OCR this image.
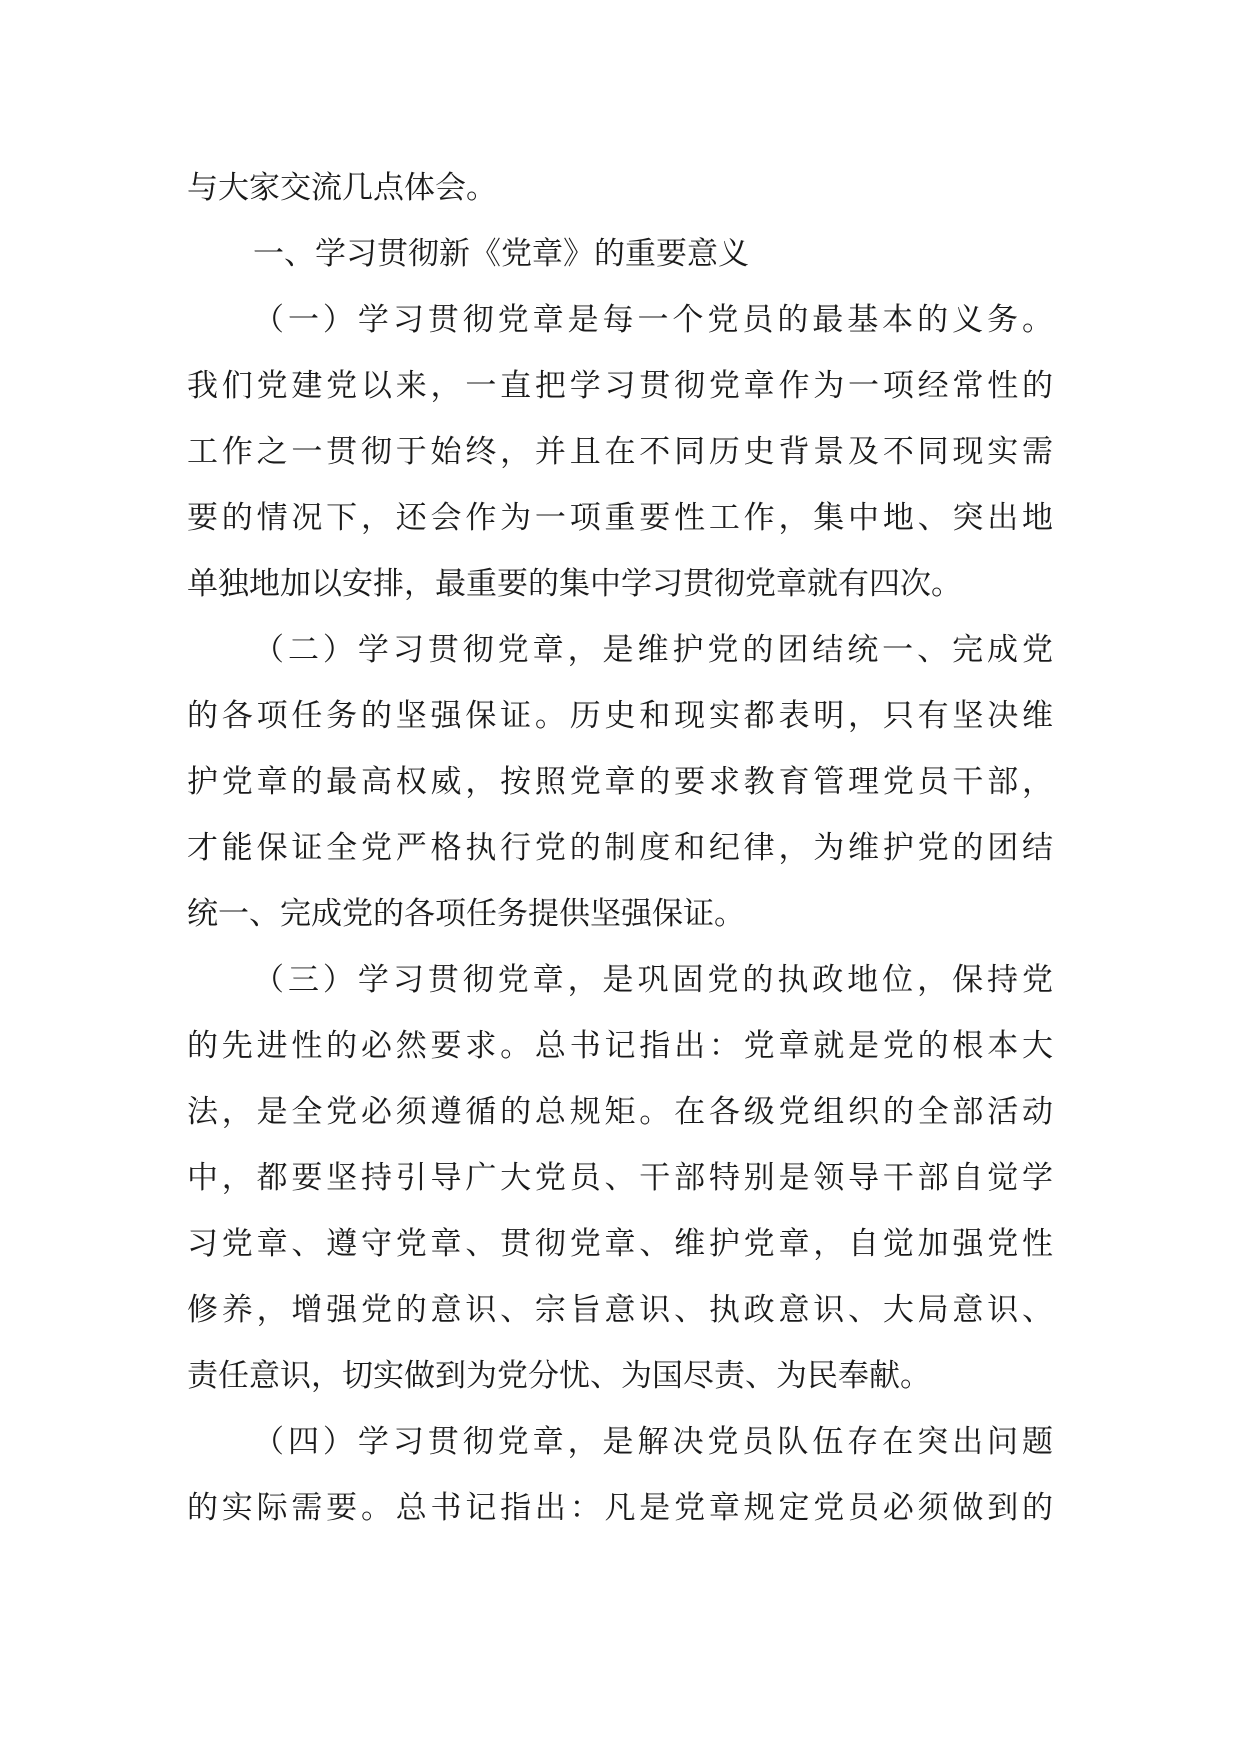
与大家交流几点体会。
一、学习贯彻新《党章》的重要意义
（一）学习贯彻党章是每一个党员的最基本的义务。
我们党建党以来，一直把学习贯彻党章作为一项经常性的
工作之一贯彻于始终，并且在不同历史背景及不同现实需
要的情况下，还会作为一项重要性工作，集中地、突出地
单独地加以安排，最重要的集中学习贯彻党章就有四次。
（二）学习贯彻党章，是维护党的团结统一、完成党
的各项任务的坚强保证。历史和现实都表明，只有坚决维
护党章的最高权威，按照党章的要求教育管理党员干部，
才能保证全党严格执行党的制度和纪律，为维护党的团结
统一、完成党的各项任务提供坚强保证。
（三）学习贯彻党章，是巩固党的执政地位，保持党
的先进性的必然要求。总书记指出：党章就是党的根本大
法，是全党必须遵循的总规矩。在各级党组织的全部活动
中，都要坚持引导广大党员、干部特别是领导干部自觉学
习党章、遵守党章、贯彻党章、维护党章，自觉加强党性
修养，增强党的意识、宗旨意识、执政意识、大局意识、
责任意识，切实做到为党分忧、为国尽责、为民奉献。
（四）学习贯彻党章，是解决党员队伍存在突出问题
的实际需要。总书记指出：凡是党章规定党员必须做到的
